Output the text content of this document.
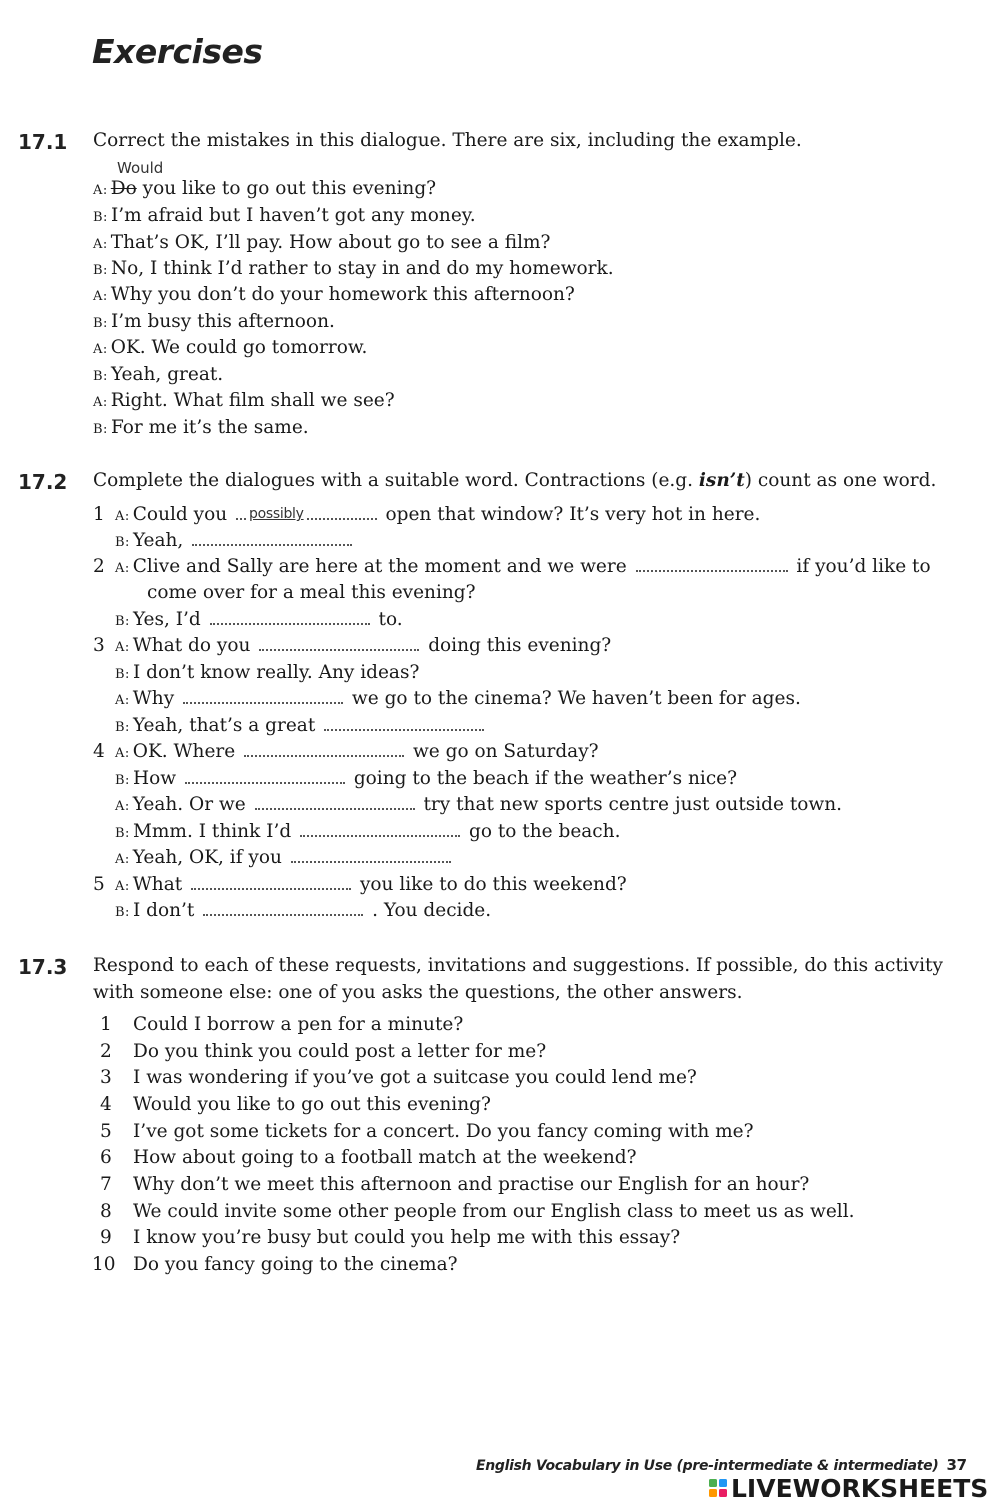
Exercises
17.1 Correct the mistakes in this dialogue. There are six, including the example.
Would
A: Do you like to go out this evening?
B: I’m afraid but I haven’t got any money.
A: That’s OK, I’ll pay. How about go to see a film?
B: No, I think I’d rather to stay in and do my homework.
A: Why you don’t do your homework this afternoon?
B: I’m busy this afternoon.
A: OK. We could go tomorrow.
B: Yeah, great.
A: Right. What film shall we see?
B: For me it’s the same.
17.2 Complete the dialogues with a suitable word. Contractions (e.g. isn’t) count as one word.
1 A: Could you possibly	open that window? It’s very hot in here.
B: Yeah,
2 A: Clive and Sally are here at the moment and we were	if you’d like to
come over for a meal this evening?
B: Yes, I’d	to.
3 A: What do you	doing this evening?
B: I don’t know really. Any ideas?
A: Why	we go to the cinema? We haven’t been for ages.
B: Yeah, that’s a great
4 A: OK. Where	we go on Saturday?
B: How	going to the beach if the weather’s nice?
A: Yeah. Or we	try that new sports centre just outside town.
B: Mmm. I think I’d	go to the beach.
A: Yeah, OK, if you
5 A: What	you like to do this weekend?
B: I don’t	. You decide.
17.3 Respond to each of these requests, invitations and suggestions. If possible, do this activity
with someone else: one of you asks the questions, the other answers.
1 Could I borrow a pen for a minute?
2 Do you think you could post a letter for me?
3 I was wondering if you’ve got a suitcase you could lend me?
4 Would you like to go out this evening?
5 I’ve got some tickets for a concert. Do you fancy coming with me?
6 How about going to a football match at the weekend?
7 Why don’t we meet this afternoon and practise our English for an hour?
8 We could invite some other people from our English class to meet us as well.
9 I know you’re busy but could you help me with this essay?
10 Do you fancy going to the cinema?
English Vocabulary in Use (pre-intermediate & intermediate) 37
LIVEWORKSHEETS
